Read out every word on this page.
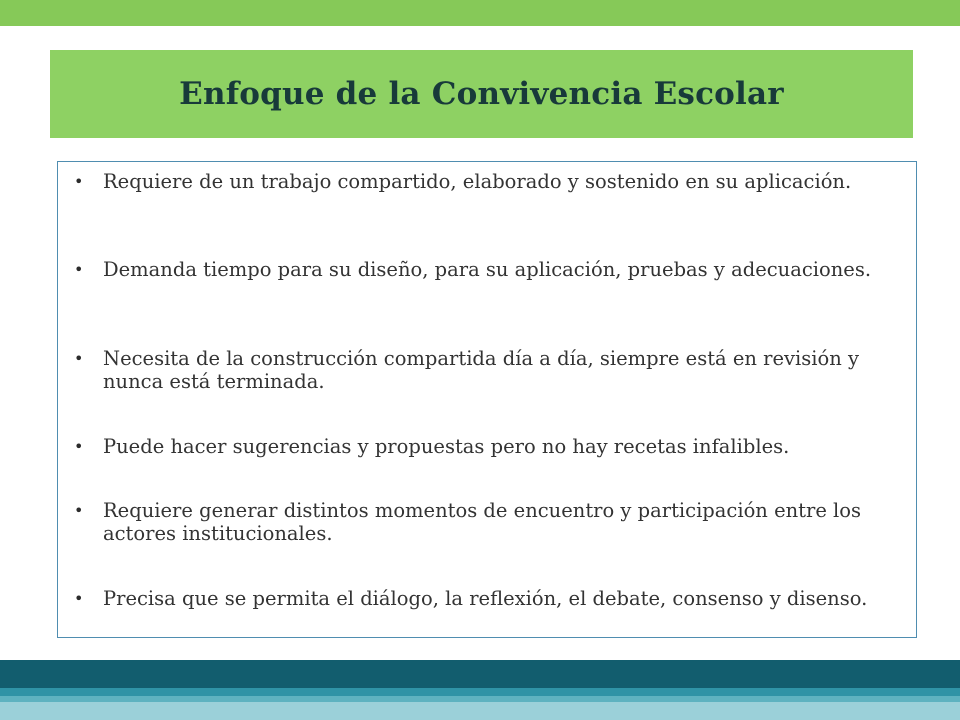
Enfoque de la Convivencia Escolar
•	Requiere de un trabajo compartido, elaborado y sostenido en su aplicación.
•	Demanda tiempo para su diseño, para su aplicación, pruebas y adecuaciones.
•	Necesita de la construcción compartida día a día, siempre está en revisión y nunca está terminada.
•	Puede hacer sugerencias y propuestas pero no hay recetas infalibles.
•	Requiere generar distintos momentos de encuentro y participación entre los actores institucionales.
•	Precisa que se permita el diálogo, la reflexión, el debate, consenso y disenso.
